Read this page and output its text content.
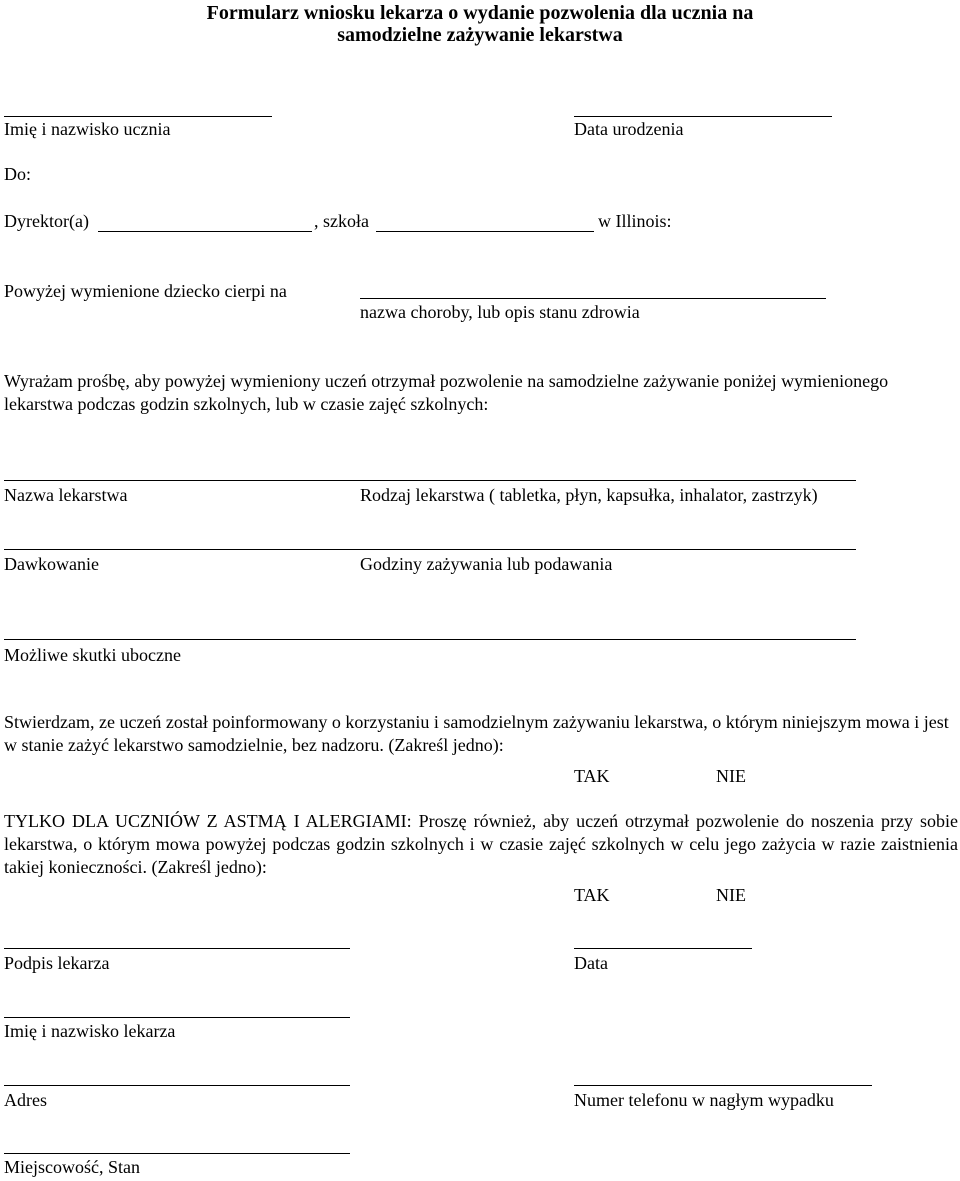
Formularz wniosku lekarza o wydanie pozwolenia dla ucznia na
samodzielne zażywanie lekarstwa
Imię i nazwisko ucznia	Data urodzenia
Do:
Dyrektor(a)	, szkoła	w Illinois:
Powyżej wymienione dziecko cierpi na
nazwa choroby, lub opis stanu zdrowia
Wyrażam prośbę, aby powyżej wymieniony uczeń otrzymał pozwolenie na samodzielne zażywanie poniżej wymienionego lekarstwa podczas godzin szkolnych, lub w czasie zajęć szkolnych:
Nazwa lekarstwa	Rodzaj lekarstwa ( tabletka, płyn, kapsułka, inhalator, zastrzyk)
Dawkowanie	Godziny zażywania lub podawania
Możliwe skutki uboczne
Stwierdzam, ze uczeń został poinformowany o korzystaniu i samodzielnym zażywaniu lekarstwa, o którym niniejszym mowa i jest w stanie zażyć lekarstwo samodzielnie, bez nadzoru. (Zakreśl jedno):
TAK	NIE
TYLKO DLA UCZNIÓW Z ASTMĄ I ALERGIAMI: Proszę również, aby uczeń otrzymał pozwolenie do noszenia przy sobie lekarstwa, o którym mowa powyżej podczas godzin szkolnych i w czasie zajęć szkolnych w celu jego zażycia w razie zaistnienia takiej konieczności. (Zakreśl jedno):
TAK	NIE
Podpis lekarza	Data
Imię i nazwisko lekarza
Adres	Numer telefonu w nagłym wypadku
Miejscowość, Stan
